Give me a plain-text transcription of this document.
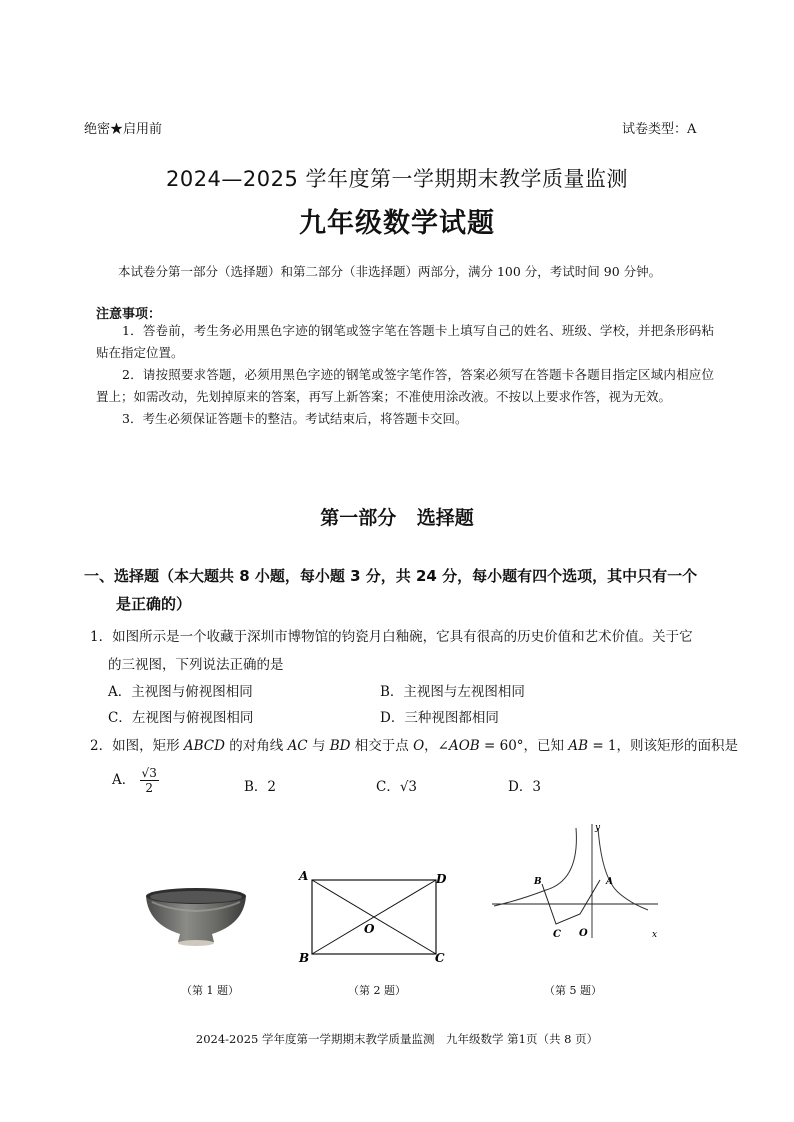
绝密★启用前	试卷类型：A
2024—2025 学年度第一学期期末教学质量监测
九年级数学试题
本试卷分第一部分（选择题）和第二部分（非选择题）两部分，满分 100 分，考试时间 90 分钟。
注意事项：

1．答卷前，考生务必用黑色字迹的钢笔或签字笔在答题卡上填写自己的姓名、班级、学校，并把条形码粘贴在指定位置。

2．请按照要求答题，必须用黑色字迹的钢笔或签字笔作答，答案必须写在答题卡各题目指定区域内相应位置上；如需改动，先划掉原来的答案，再写上新答案；不准使用涂改液。不按以上要求作答，视为无效。

3．考生必须保证答题卡的整洁。考试结束后，将答题卡交回。

第一部分 选择题
一、选择题（本大题共 8 小题，每小题 3 分，共 24 分，每小题有四个选项，其中只有一个
是正确的）
1．如图所示是一个收藏于深圳市博物馆的钧瓷月白釉碗，它具有很高的历史价值和艺术价值。关于它
的三视图，下列说法正确的是
A．主视图与俯视图相同	B．主视图与左视图相同
C．左视图与俯视图相同	D．三种视图都相同
2．如图，矩形 ABCD 的对角线 AC 与 BD 相交于点 O，∠AOB = 60°，已知 AB = 1，则该矩形的面积是
A． $\frac{√3}{2}$	B．2	C．√3	D．3
A	D
B	C
O
y
x
A
B
C O
（第 1 题）	（第 2 题）	（第 5 题）
2024-2025 学年度第一学期期末教学质量监测　九年级数学 第1页（共 8 页）
